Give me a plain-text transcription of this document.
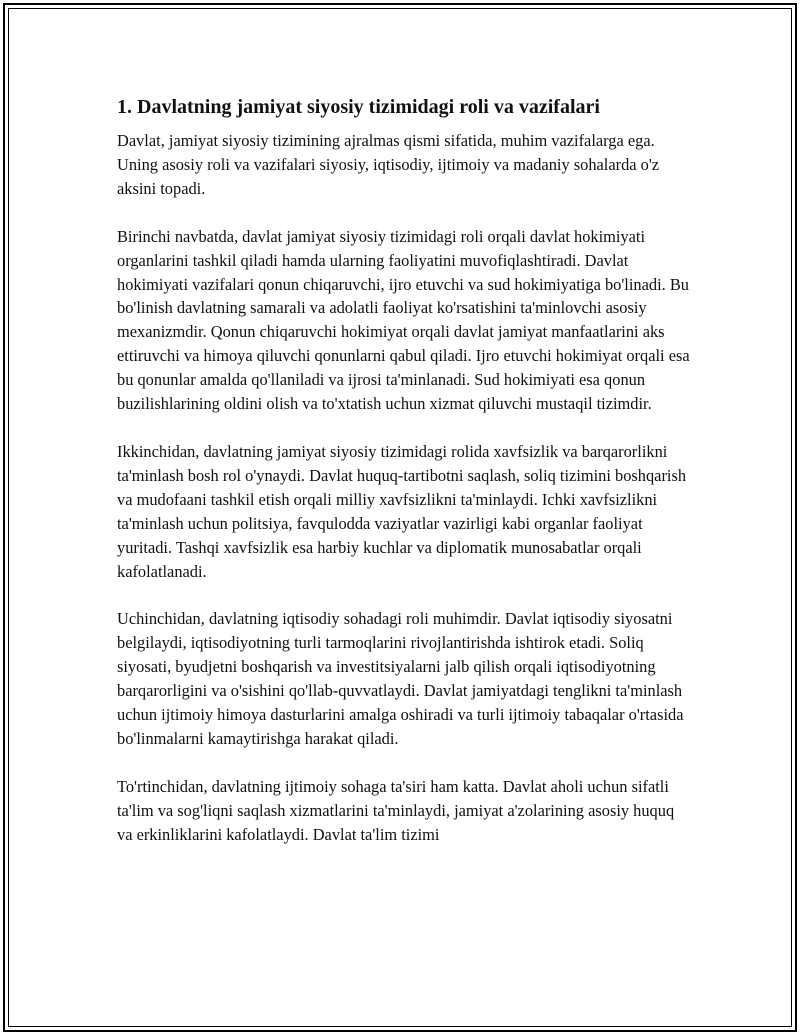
1. Davlatning jamiyat siyosiy tizimidagi roli va vazifalari

Davlat, jamiyat siyosiy tizimining ajralmas qismi sifatida, muhim vazifalarga ega. Uning asosiy roli va vazifalari siyosiy, iqtisodiy, ijtimoiy va madaniy sohalarda o'z aksini topadi.

Birinchi navbatda, davlat jamiyat siyosiy tizimidagi roli orqali davlat hokimiyati organlarini tashkil qiladi hamda ularning faoliyatini muvofiqlashtiradi. Davlat hokimiyati vazifalari qonun chiqaruvchi, ijro etuvchi va sud hokimiyatiga bo'linadi. Bu bo'linish davlatning samarali va adolatli faoliyat ko'rsatishini ta'minlovchi asosiy mexanizmdir. Qonun chiqaruvchi hokimiyat orqali davlat jamiyat manfaatlarini aks ettiruvchi va himoya qiluvchi qonunlarni qabul qiladi. Ijro etuvchi hokimiyat orqali esa bu qonunlar amalda qo'llaniladi va ijrosi ta'minlanadi. Sud hokimiyati esa qonun buzilishlarining oldini olish va to'xtatish uchun xizmat qiluvchi mustaqil tizimdir.

Ikkinchidan, davlatning jamiyat siyosiy tizimidagi rolida xavfsizlik va barqarorlikni ta'minlash bosh rol o'ynaydi. Davlat huquq-tartibotni saqlash, soliq tizimini boshqarish va mudofaani tashkil etish orqali milliy xavfsizlikni ta'minlaydi. Ichki xavfsizlikni ta'minlash uchun politsiya, favqulodda vaziyatlar vazirligi kabi organlar faoliyat yuritadi. Tashqi xavfsizlik esa harbiy kuchlar va diplomatik munosabatlar orqali kafolatlanadi.

Uchinchidan, davlatning iqtisodiy sohadagi roli muhimdir. Davlat iqtisodiy siyosatni belgilaydi, iqtisodiyotning turli tarmoqlarini rivojlantirishda ishtirok etadi. Soliq siyosati, byudjetni boshqarish va investitsiyalarni jalb qilish orqali iqtisodiyotning barqarorligini va o'sishini qo'llab-quvvatlaydi. Davlat jamiyatdagi tenglikni ta'minlash uchun ijtimoiy himoya dasturlarini amalga oshiradi va turli ijtimoiy tabaqalar o'rtasida bo'linmalarni kamaytirishga harakat qiladi.

To'rtinchidan, davlatning ijtimoiy sohaga ta'siri ham katta. Davlat aholi uchun sifatli ta'lim va sog'liqni saqlash xizmatlarini ta'minlaydi, jamiyat a'zolarining asosiy huquq va erkinliklarini kafolatlaydi. Davlat ta'lim tizimi
